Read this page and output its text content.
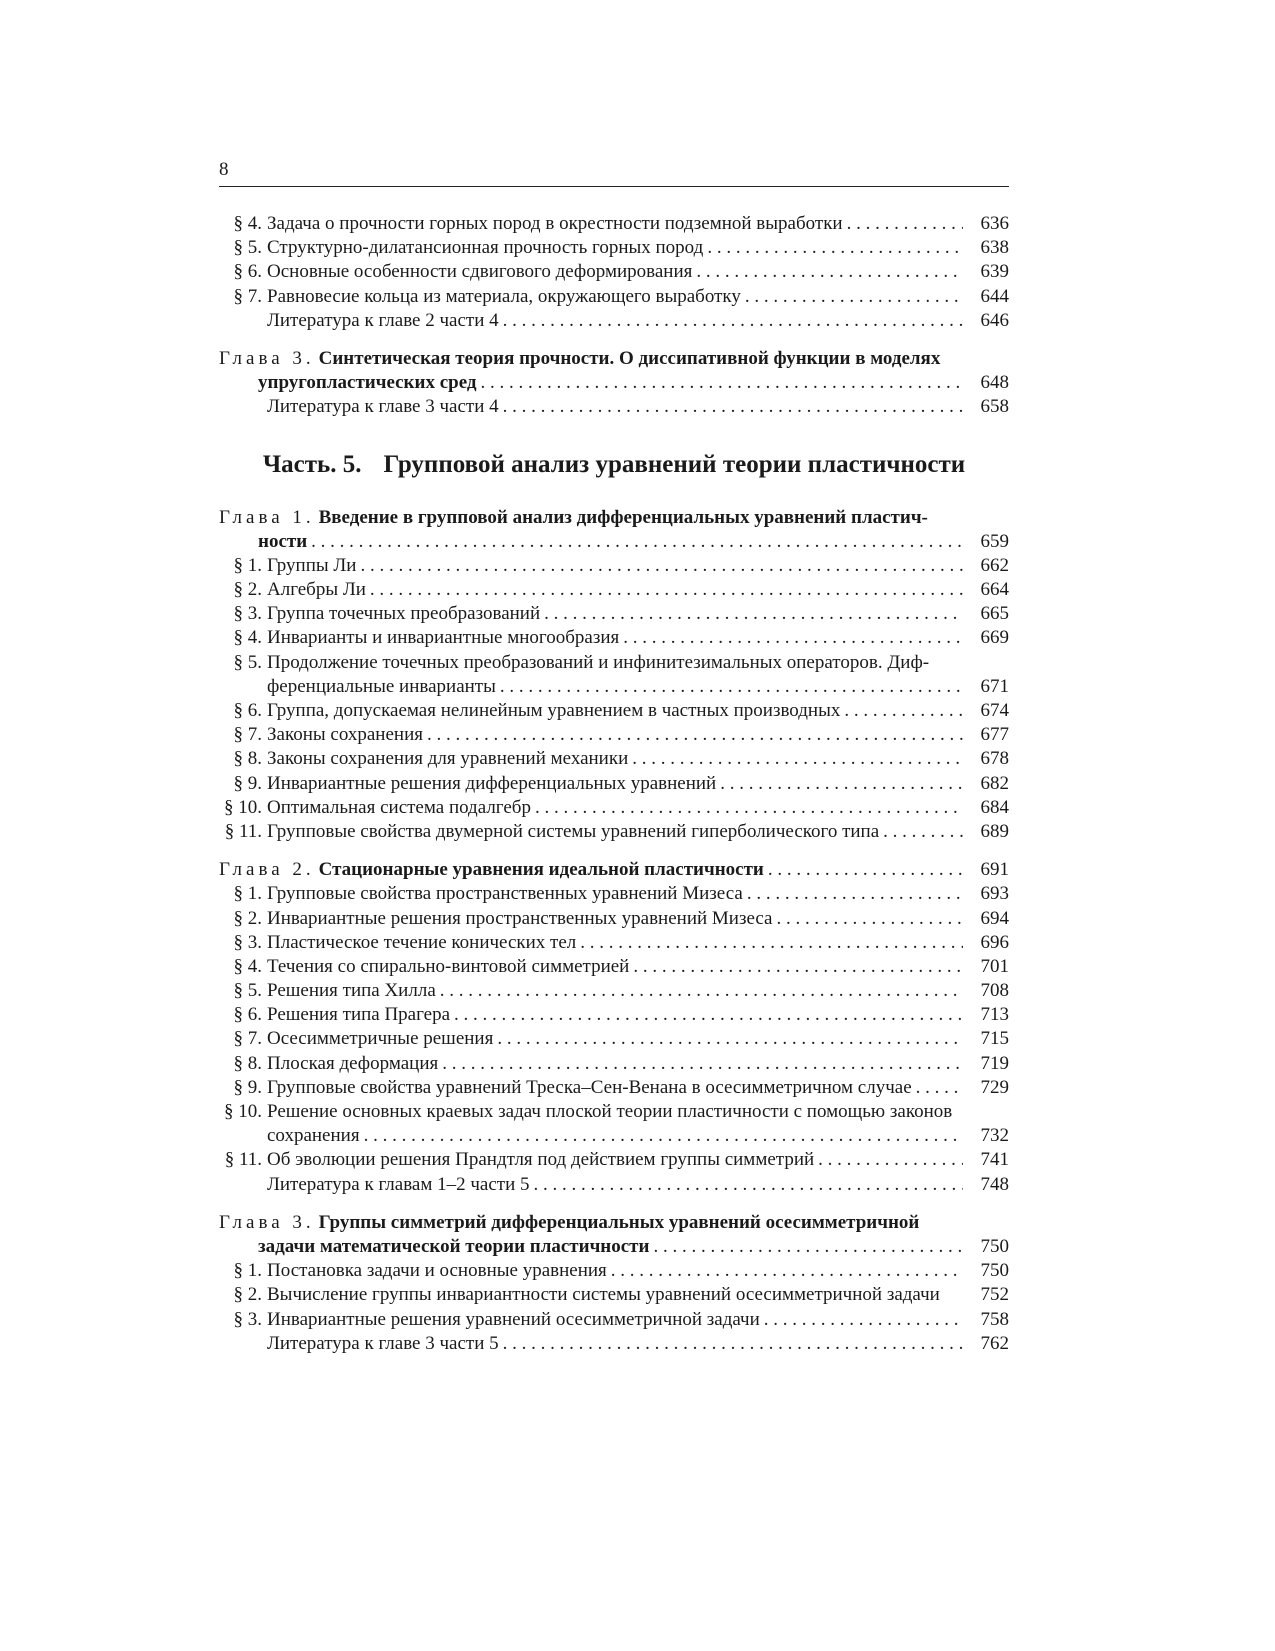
8
§ 4. Задача о прочности горных пород в окрестности подземной выработки . . .	636
§ 5. Структурно-дилатансионная прочность горных пород . . .	638
§ 6. Основные особенности сдвигового деформирования . . .	639
§ 7. Равновесие кольца из материала, окружающего выработку . . .	644
Литература к главе 2 части 4 . . .	646
Глава 3. Синтетическая теория прочности. О диссипативной функции в моделях
упругопластических сред . . .	648
Литература к главе 3 части 4 . . .	658
Часть. 5. Групповой анализ уравнений теории пластичности
Глава 1. Введение в групповой анализ дифференциальных уравнений пластич-
ности . . .	659
§ 1. Группы Ли . . .	662
§ 2. Алгебры Ли . . .	664
§ 3. Группа точечных преобразований . . .	665
§ 4. Инварианты и инвариантные многообразия . . .	669
§ 5. Продолжение точечных преобразований и инфинитезимальных операторов. Диф-
ференциальные инварианты . . .	671
§ 6. Группа, допускаемая нелинейным уравнением в частных производных . . .	674
§ 7. Законы сохранения . . .	677
§ 8. Законы сохранения для уравнений механики . . .	678
§ 9. Инвариантные решения дифференциальных уравнений . . .	682
§ 10. Оптимальная система подалгебр . . .	684
§ 11. Групповые свойства двумерной системы уравнений гиперболического типа . . .	689
Глава 2. Стационарные уравнения идеальной пластичности . . .	691
§ 1. Групповые свойства пространственных уравнений Мизеса . . .	693
§ 2. Инвариантные решения пространственных уравнений Мизеса . . .	694
§ 3. Пластическое течение конических тел . . .	696
§ 4. Течения со спирально-винтовой симметрией . . .	701
§ 5. Решения типа Хилла . . .	708
§ 6. Решения типа Прагера . . .	713
§ 7. Осесимметричные решения . . .	715
§ 8. Плоская деформация . . .	719
§ 9. Групповые свойства уравнений Треска–Сен-Венана в осесимметричном случае . . .	729
§ 10. Решение основных краевых задач плоской теории пластичности с помощью законов
сохранения . . .	732
§ 11. Об эволюции решения Прандтля под действием группы симметрий . . .	741
Литература к главам 1–2 части 5 . . .	748
Глава 3. Группы симметрий дифференциальных уравнений осесимметричной
задачи математической теории пластичности . . .	750
§ 1. Постановка задачи и основные уравнения . . .	750
§ 2. Вычисление группы инвариантности системы уравнений осесимметричной задачи	752
§ 3. Инвариантные решения уравнений осесимметричной задачи . . .	758
Литература к главе 3 части 5 . . .	762
